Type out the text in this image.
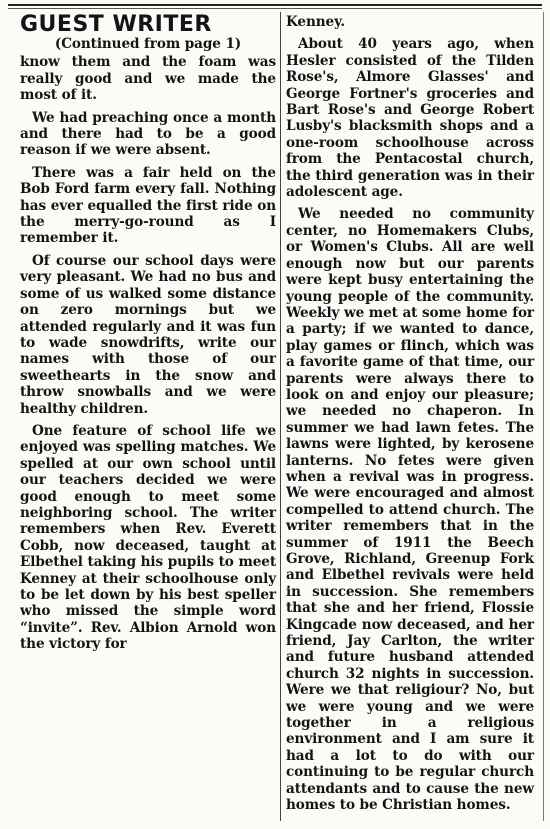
GUEST WRITER
(Continued from page 1)

know them and the foam was really good and we made the most of it.

We had preaching once a month and there had to be a good reason if we were absent.

There was a fair held on the Bob Ford farm every fall. Nothing has ever equalled the first ride on the merry-go-round as I remember it.

Of course our school days were very pleasant. We had no bus and some of us walked some distance on zero mornings but we attended regularly and it was fun to wade snowdrifts, write our names with those of our sweethearts in the snow and throw snowballs and we were healthy children.

One feature of school life we enjoyed was spelling matches. We spelled at our own school until our teachers decided we were good enough to meet some neighboring school. The writer remembers when Rev. Everett Cobb, now deceased, taught at Elbethel taking his pupils to meet Kenney at their schoolhouse only to be let down by his best speller who missed the simple word “invite”. Rev. Albion Arnold won the victory for

Kenney.

About 40 years ago, when Hesler consisted of the Tilden Rose's, Almore Glasses' and George Fortner's groceries and Bart Rose's and George Robert Lusby's blacksmith shops and a one-room schoolhouse across from the Pentacostal church, the third generation was in their adolescent age.

We needed no community center, no Homemakers Clubs, or Women's Clubs. All are well enough now but our parents were kept busy entertaining the young people of the community. Weekly we met at some home for a party; if we wanted to dance, play games or flinch, which was a favorite game of that time, our parents were always there to look on and enjoy our pleasure; we needed no chaperon. In summer we had lawn fetes. The lawns were lighted, by kerosene lanterns. No fetes were given when a revival was in progress. We were encouraged and almost compelled to attend church. The writer remembers that in the summer of 1911 the Beech Grove, Richland, Greenup Fork and Elbethel revivals were held in succession. She remembers that she and her friend, Flossie Kingcade now deceased, and her friend, Jay Carlton, the writer and future husband attended church 32 nights in succession. Were we that religiour? No, but we were young and we were together in a religious environment and I am sure it had a lot to do with our continuing to be regular church attendants and to cause the new homes to be Christian homes.
